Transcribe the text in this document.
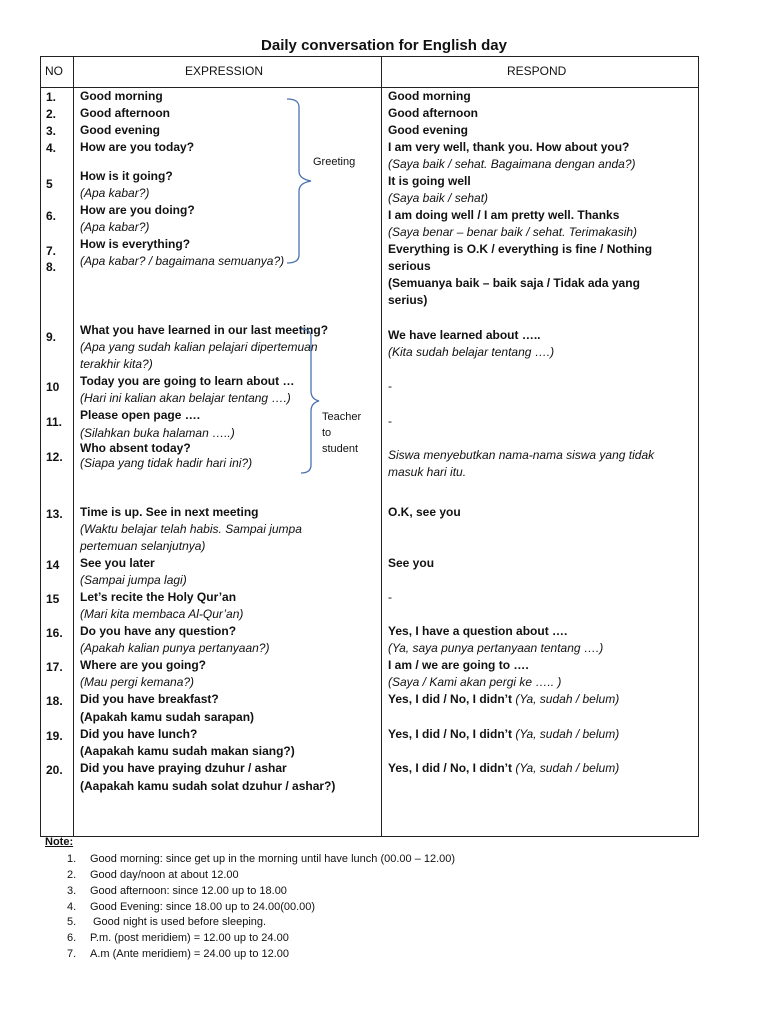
Daily conversation for English day
NO	EXPRESSION	RESPOND
1.
2.
3.
4.
5
6.
7.
8.
9.
10
11.
12.
13.
14
15
16.
17.
18.
19.
20.
Good morning
Good afternoon
Good evening
How are you today?
How is it going?
(Apa kabar?)
How are you doing?
(Apa kabar?)
How is everything?
(Apa kabar? / bagaimana semuanya?)
What you have learned in our last meeting?
(Apa yang sudah kalian pelajari dipertemuan
terakhir kita?)
Today you are going to learn about …
(Hari ini kalian akan belajar tentang ….)
Please open page ….
(Silahkan buka halaman …..)
Who absent today?
(Siapa yang tidak hadir hari ini?)
Time is up. See in next meeting
(Waktu belajar telah habis. Sampai jumpa
pertemuan selanjutnya)
See you later
(Sampai jumpa lagi)
Let’s recite the Holy Qur’an
(Mari kita membaca Al-Qur’an)
Do you have any question?
(Apakah kalian punya pertanyaan?)
Where are you going?
(Mau pergi kemana?)
Did you have breakfast?
(Apakah kamu sudah sarapan)
Did you have lunch?
(Aapakah kamu sudah makan siang?)
Did you have praying dzuhur / ashar
(Aapakah kamu sudah solat dzuhur / ashar?)
Greeting
Teacher
to
student
Good morning
Good afternoon
Good evening
I am very well, thank you. How about you?
(Saya baik / sehat. Bagaimana dengan anda?)
It is going well
(Saya baik / sehat)
I am doing well / I am pretty well. Thanks
(Saya benar – benar baik / sehat. Terimakasih)
Everything is O.K / everything is fine / Nothing
serious
(Semuanya baik – baik saja / Tidak ada yang
serius)
We have learned about …..
(Kita sudah belajar tentang ….)
-
-
Siswa menyebutkan nama-nama siswa yang tidak
masuk hari itu.
O.K, see you
See you
-
Yes, I have a question about ….
(Ya, saya punya pertanyaan tentang ….)
I am / we are going to ….
(Saya / Kami akan pergi ke ….. )
Yes, I did / No, I didn’t (Ya, sudah / belum)
Yes, I did / No, I didn’t (Ya, sudah / belum)
Yes, I did / No, I didn’t (Ya, sudah / belum)
Note:
1. Good morning: since get up in the morning until have lunch (00.00 – 12.00)
2. Good day/noon at about 12.00
3. Good afternoon: since 12.00 up to 18.00
4. Good Evening: since 18.00 up to 24.00(00.00)
5. Good night is used before sleeping.
6. P.m. (post meridiem) = 12.00 up to 24.00
7. A.m (Ante meridiem) = 24.00 up to 12.00
